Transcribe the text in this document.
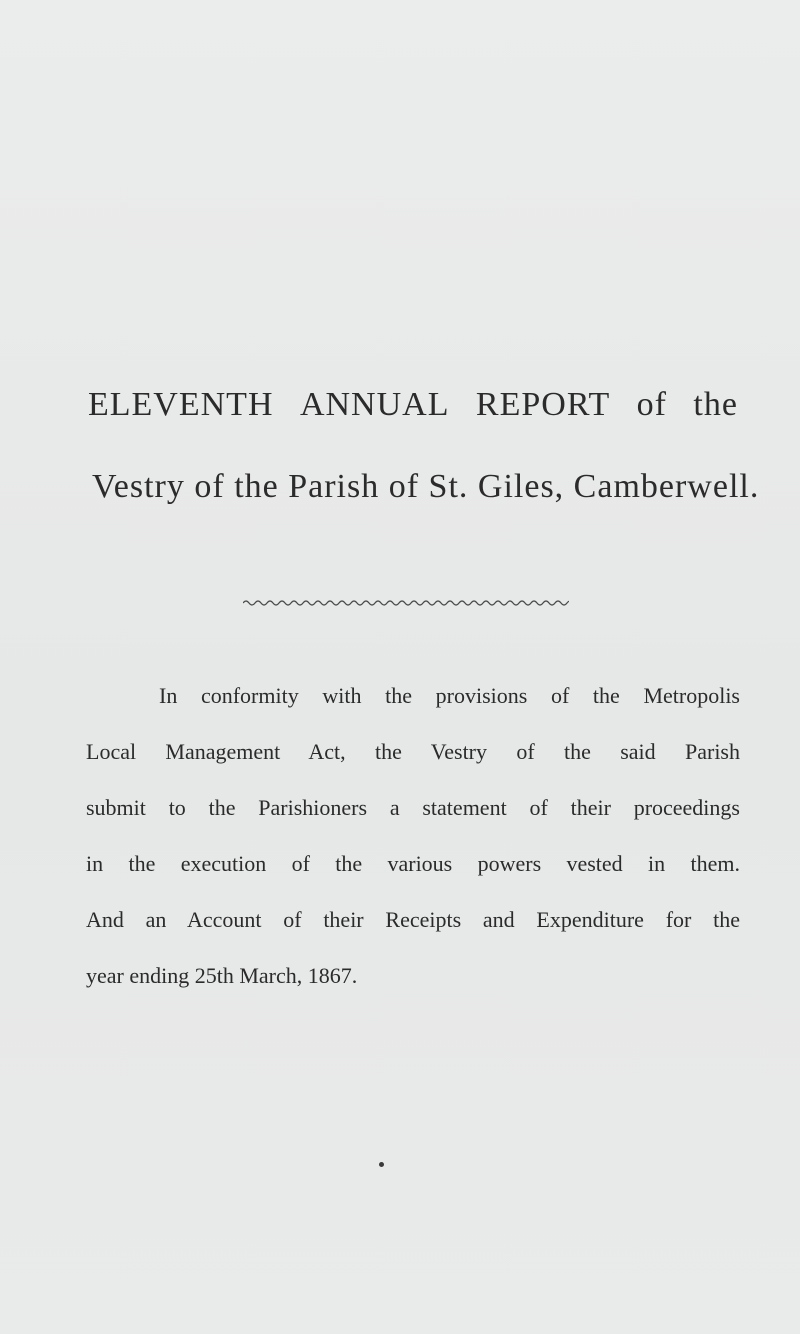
ELEVENTH ANNUAL REPORT of the
Vestry of the Parish of St. Giles, Camberwell.
In conformity with the provisions of the Metropolis
Local Management Act, the Vestry of the said Parish
submit to the Parishioners a statement of their proceedings
in the execution of the various powers vested in them.
And an Account of their Receipts and Expenditure for the
year ending 25th March, 1867.
